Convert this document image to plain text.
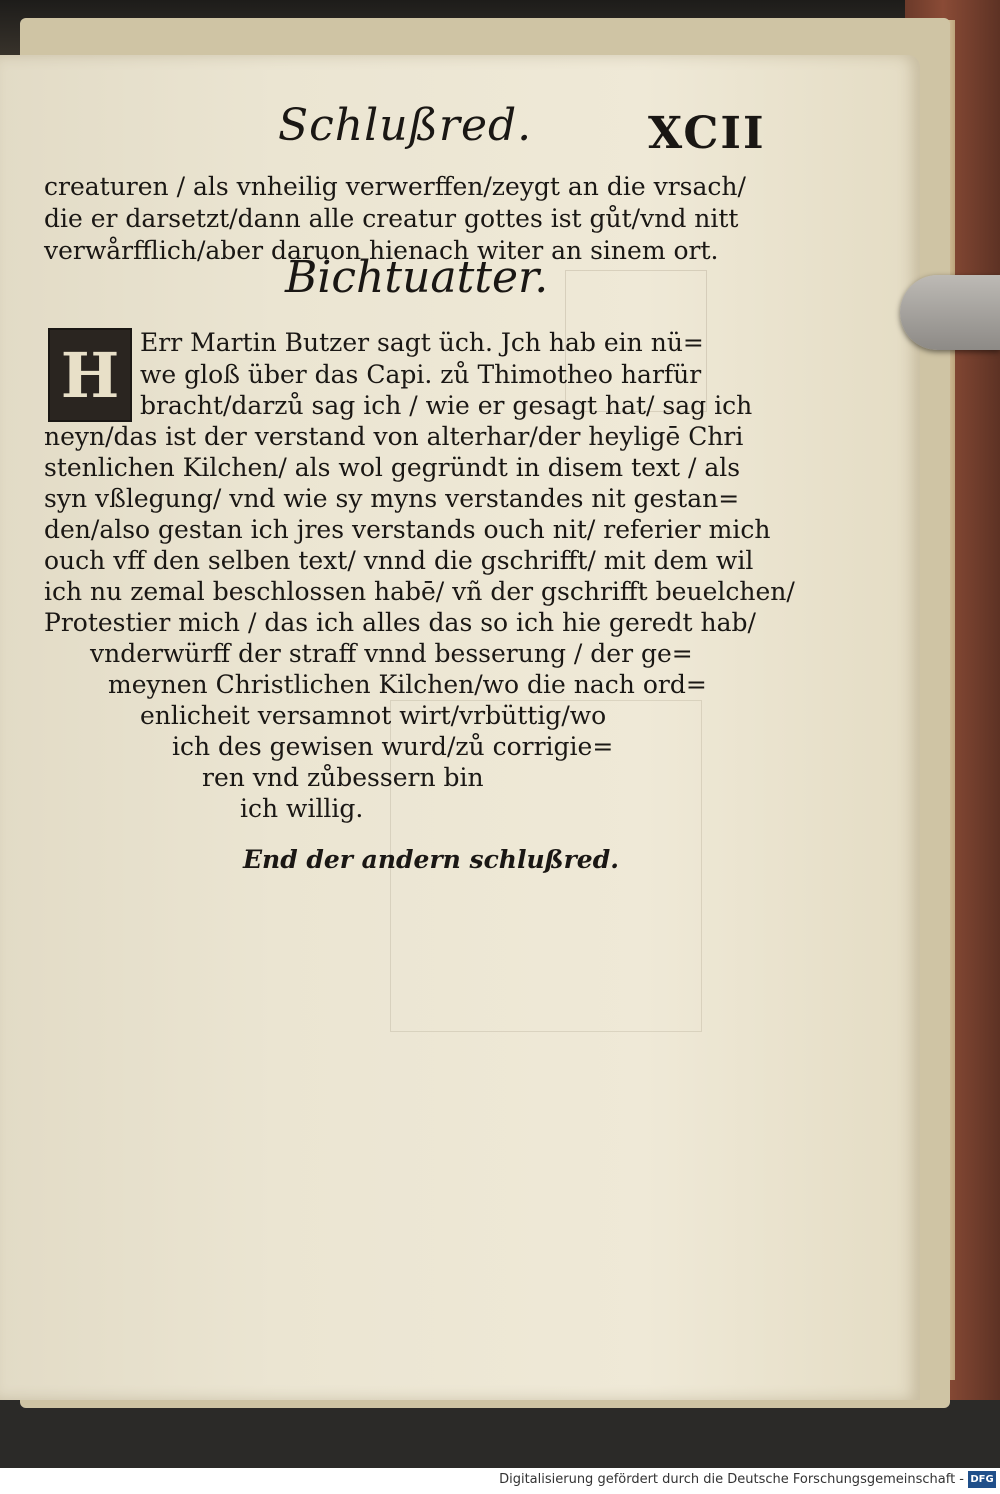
Schlußred.	XCII
creaturen / als vnheilig verwerffen/zeygt an die vrsach/
die er darsetzt/dann alle creatur gottes ist gůt/vnd nitt
verwårfflich/aber daruon hienach witer an sinem ort.
Bichtuatter.
H Err Martin Butzer sagt üch. Jch hab ein nü=
we gloß über das Capi. zů Thimotheo harfür
bracht/darzů sag ich / wie er gesagt hat/ sag ich
neyn/das ist der verstand von alterhar/der heyligē Chri
stenlichen Kilchen/ als wol gegründt in disem text / als
syn vßlegung/ vnd wie sy myns verstandes nit gestan=
den/also gestan ich jres verstands ouch nit/ referier mich
ouch vff den selben text/ vnnd die gschrifft/ mit dem wil
ich nu zemal beschlossen habē/ vñ der gschrifft beuelchen/
Protestier mich / das ich alles das so ich hie geredt hab/
vnderwürff der straff vnnd besserung / der ge=
meynen Christlichen Kilchen/wo die nach ord=
enlicheit versamnot wirt/vrbüttig/wo
ich des gewisen wurd/zů corrigie=
ren vnd zůbessern bin
ich willig.
End der andern schlußred.
Digitalisierung gefördert durch die Deutsche Forschungsgemeinschaft - DFG
